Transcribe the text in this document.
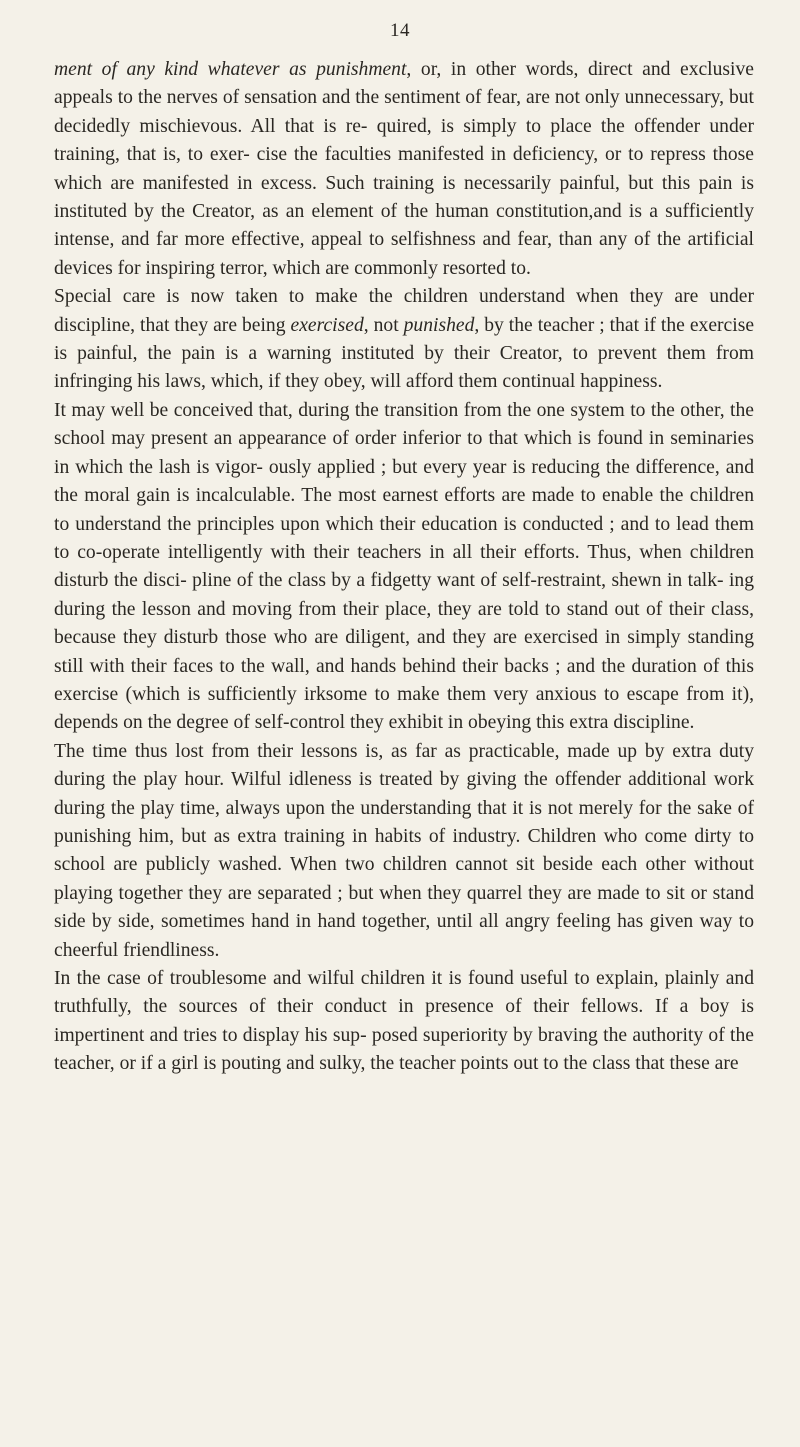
14

ment of any kind whatever as punishment, or, in other words, direct and exclusive appeals to the nerves of sensation and the sentiment of fear, are not only unnecessary, but decidedly mischievous. All that is re- quired, is simply to place the offender under training, that is, to exer- cise the faculties manifested in deficiency, or to repress those which are manifested in excess. Such training is necessarily painful, but this pain is instituted by the Creator, as an element of the human constitution,and is a sufficiently intense, and far more effective, appeal to selfishness and fear, than any of the artificial devices for inspiring terror, which are commonly resorted to.

Special care is now taken to make the children understand when they are under discipline, that they are being exercised, not punished, by the teacher ; that if the exercise is painful, the pain is a warning instituted by their Creator, to prevent them from infringing his laws, which, if they obey, will afford them continual happiness.

It may well be conceived that, during the transition from the one system to the other, the school may present an appearance of order inferior to that which is found in seminaries in which the lash is vigor- ously applied ; but every year is reducing the difference, and the moral gain is incalculable. The most earnest efforts are made to enable the children to understand the principles upon which their education is conducted ; and to lead them to co-operate intelligently with their teachers in all their efforts. Thus, when children disturb the disci- pline of the class by a fidgetty want of self-restraint, shewn in talk- ing during the lesson and moving from their place, they are told to stand out of their class, because they disturb those who are diligent, and they are exercised in simply standing still with their faces to the wall, and hands behind their backs ; and the duration of this exercise (which is sufficiently irksome to make them very anxious to escape from it), depends on the degree of self-control they exhibit in obeying this extra discipline.

The time thus lost from their lessons is, as far as practicable, made up by extra duty during the play hour. Wilful idleness is treated by giving the offender additional work during the play time, always upon the understanding that it is not merely for the sake of punishing him, but as extra training in habits of industry. Children who come dirty to school are publicly washed. When two children cannot sit beside each other without playing together they are separated ; but when they quarrel they are made to sit or stand side by side, sometimes hand in hand together, until all angry feeling has given way to cheerful friendliness.

In the case of troublesome and wilful children it is found useful to explain, plainly and truthfully, the sources of their conduct in presence of their fellows. If a boy is impertinent and tries to display his sup- posed superiority by braving the authority of the teacher, or if a girl is pouting and sulky, the teacher points out to the class that these are
